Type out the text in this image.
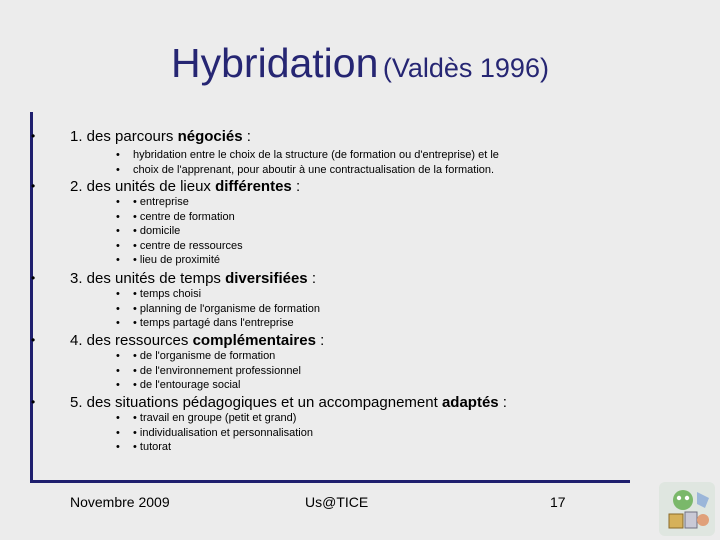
Hybridation (Valdès 1996)
• 1. des parcours négociés :
• hybridation entre le choix de la structure (de formation ou d'entreprise) et le
• choix de l'apprenant, pour aboutir à une contractualisation de la formation.
• 2. des unités de lieux différentes :
• • entreprise
• • centre de formation
• • domicile
• • centre de ressources
• • lieu de proximité
• 3. des unités de temps diversifiées :
• • temps choisi
• • planning de l'organisme de formation
• • temps partagé dans l'entreprise
• 4. des ressources complémentaires :
• • de l'organisme de formation
• • de l'environnement professionnel
• • de l'entourage social
• 5. des situations pédagogiques et un accompagnement adaptés :
• • travail en groupe (petit et grand)
• • individualisation et personnalisation
• • tutorat
Novembre 2009	Us@TICE	17
